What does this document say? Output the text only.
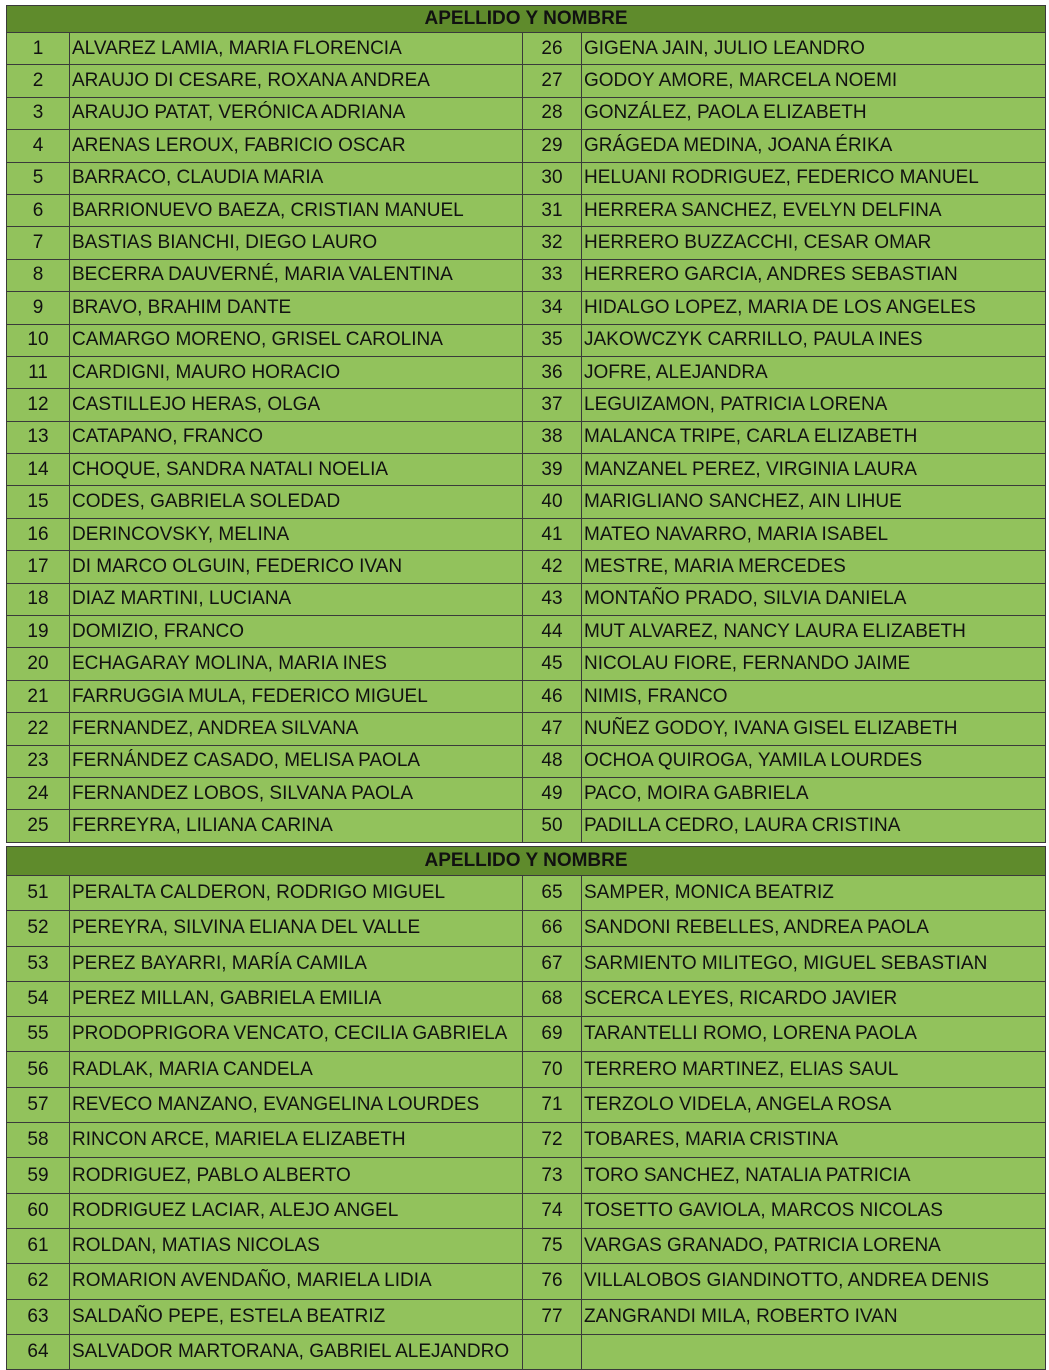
APELLIDO Y NOMBRE			
1	ALVAREZ LAMIA, MARIA FLORENCIA	26	GIGENA JAIN, JULIO LEANDRO
2	ARAUJO DI CESARE, ROXANA ANDREA	27	GODOY AMORE, MARCELA NOEMI
3	ARAUJO PATAT, VERÓNICA ADRIANA	28	GONZÁLEZ, PAOLA ELIZABETH
4	ARENAS LEROUX, FABRICIO OSCAR	29	GRÁGEDA MEDINA, JOANA ÉRIKA
5	BARRACO, CLAUDIA MARIA	30	HELUANI RODRIGUEZ, FEDERICO MANUEL
6	BARRIONUEVO BAEZA, CRISTIAN MANUEL	31	HERRERA SANCHEZ, EVELYN DELFINA
7	BASTIAS BIANCHI, DIEGO LAURO	32	HERRERO BUZZACCHI, CESAR OMAR
8	BECERRA DAUVERNÉ, MARIA VALENTINA	33	HERRERO GARCIA, ANDRES SEBASTIAN
9	BRAVO, BRAHIM DANTE	34	HIDALGO LOPEZ, MARIA DE LOS ANGELES
10	CAMARGO MORENO, GRISEL CAROLINA	35	JAKOWCZYK CARRILLO, PAULA INES
11	CARDIGNI, MAURO HORACIO	36	JOFRE, ALEJANDRA
12	CASTILLEJO HERAS, OLGA	37	LEGUIZAMON, PATRICIA LORENA
13	CATAPANO, FRANCO	38	MALANCA TRIPE, CARLA ELIZABETH
14	CHOQUE, SANDRA NATALI NOELIA	39	MANZANEL PEREZ, VIRGINIA LAURA
15	CODES, GABRIELA SOLEDAD	40	MARIGLIANO SANCHEZ, AIN LIHUE
16	DERINCOVSKY, MELINA	41	MATEO NAVARRO, MARIA ISABEL
17	DI MARCO OLGUIN, FEDERICO IVAN	42	MESTRE, MARIA MERCEDES
18	DIAZ MARTINI, LUCIANA	43	MONTAÑO PRADO, SILVIA DANIELA
19	DOMIZIO, FRANCO	44	MUT ALVAREZ, NANCY LAURA ELIZABETH
20	ECHAGARAY MOLINA, MARIA INES	45	NICOLAU FIORE, FERNANDO JAIME
21	FARRUGGIA MULA, FEDERICO MIGUEL	46	NIMIS, FRANCO
22	FERNANDEZ, ANDREA SILVANA	47	NUÑEZ GODOY, IVANA GISEL ELIZABETH
23	FERNÁNDEZ CASADO, MELISA PAOLA	48	OCHOA QUIROGA, YAMILA LOURDES
24	FERNANDEZ LOBOS, SILVANA PAOLA	49	PACO, MOIRA GABRIELA
25	FERREYRA, LILIANA CARINA	50	PADILLA CEDRO, LAURA CRISTINA
APELLIDO Y NOMBRE			
51	PERALTA CALDERON, RODRIGO MIGUEL	65	SAMPER, MONICA BEATRIZ
52	PEREYRA, SILVINA ELIANA DEL VALLE	66	SANDONI REBELLES, ANDREA PAOLA
53	PEREZ BAYARRI, MARÍA CAMILA	67	SARMIENTO MILITEGO, MIGUEL SEBASTIAN
54	PEREZ MILLAN, GABRIELA EMILIA	68	SCERCA LEYES, RICARDO JAVIER
55	PRODOPRIGORA VENCATO, CECILIA GABRIELA	69	TARANTELLI ROMO, LORENA PAOLA
56	RADLAK, MARIA CANDELA	70	TERRERO MARTINEZ, ELIAS SAUL
57	REVECO MANZANO, EVANGELINA LOURDES	71	TERZOLO VIDELA, ANGELA ROSA
58	RINCON ARCE, MARIELA ELIZABETH	72	TOBARES, MARIA CRISTINA
59	RODRIGUEZ, PABLO ALBERTO	73	TORO SANCHEZ, NATALIA PATRICIA
60	RODRIGUEZ LACIAR, ALEJO ANGEL	74	TOSETTO GAVIOLA, MARCOS NICOLAS
61	ROLDAN, MATIAS NICOLAS	75	VARGAS GRANADO, PATRICIA LORENA
62	ROMARION AVENDAÑO, MARIELA LIDIA	76	VILLALOBOS GIANDINOTTO, ANDREA DENIS
63	SALDAÑO PEPE, ESTELA BEATRIZ	77	ZANGRANDI MILA, ROBERTO IVAN
64	SALVADOR MARTORANA, GABRIEL ALEJANDRO		
